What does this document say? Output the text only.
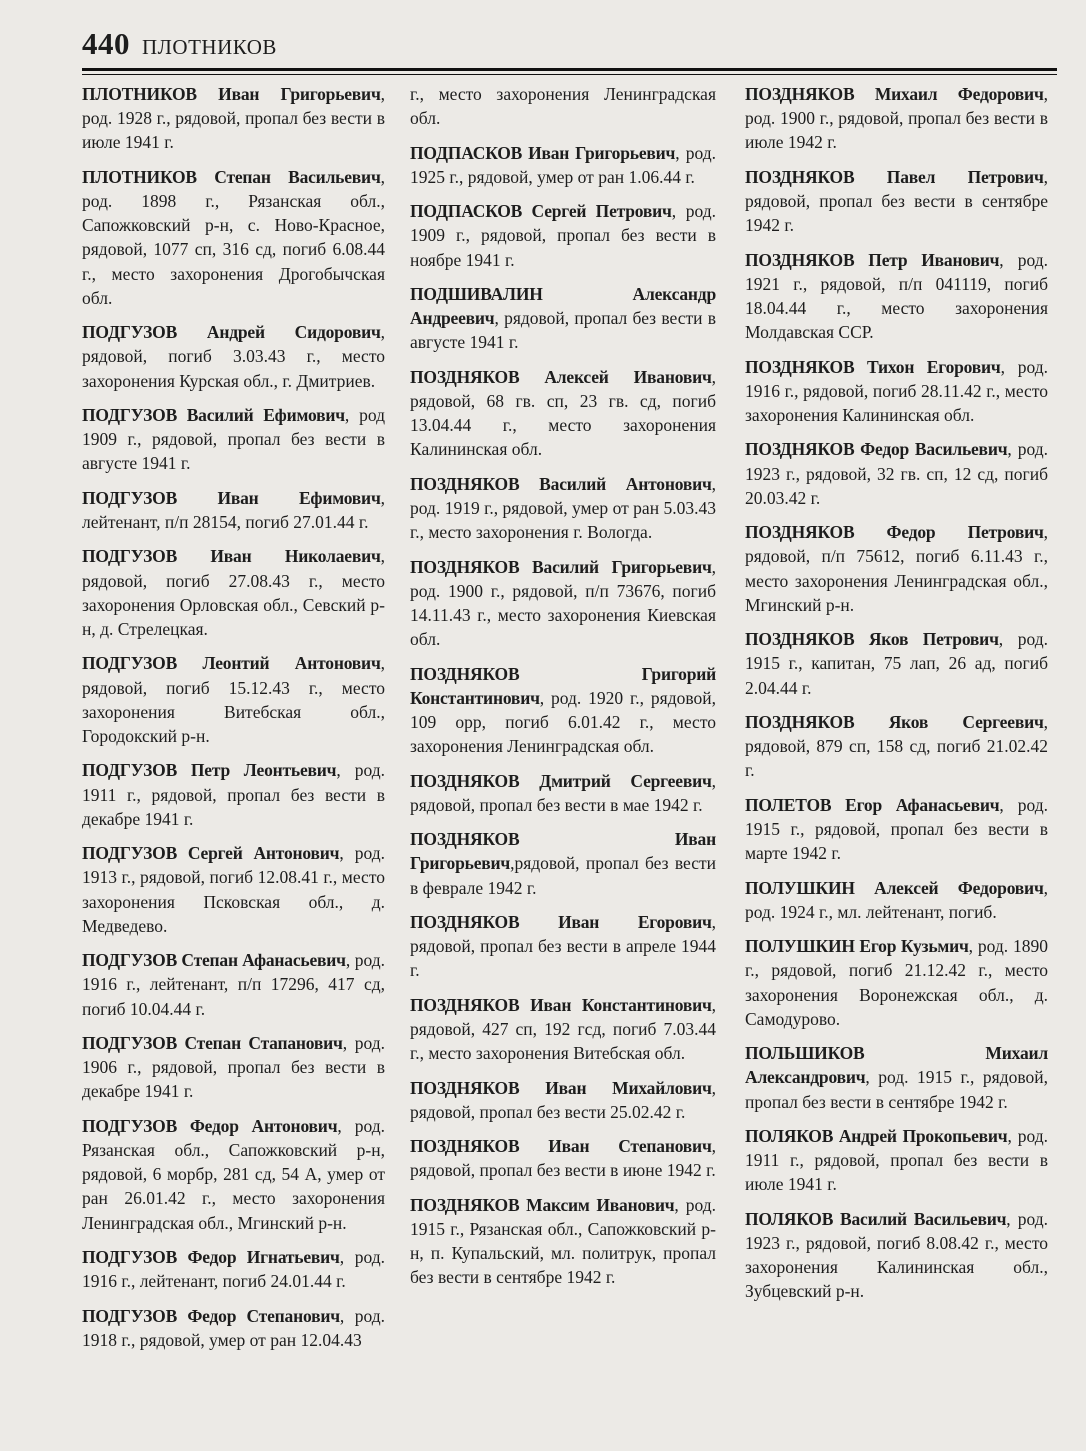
440 ПЛОТНИКОВ

ПЛОТНИКОВ Иван Григорьевич, род. 1928 г., рядовой, пропал без вести в июле 1941 г.

ПЛОТНИКОВ Степан Васильевич, род. 1898 г., Рязанская обл., Сапожковский р-н, с. Ново-Красное, рядовой, 1077 сп, 316 сд, погиб 6.08.44 г., место захоронения Дрогобычская обл.

ПОДГУЗОВ Андрей Сидорович, рядовой, погиб 3.03.43 г., место захоронения Курская обл., г. Дмитриев.

ПОДГУЗОВ Василий Ефимович, род 1909 г., рядовой, пропал без вести в августе 1941 г.

ПОДГУЗОВ Иван Ефимович, лейтенант, п/п 28154, погиб 27.01.44 г.

ПОДГУЗОВ Иван Николаевич, рядовой, погиб 27.08.43 г., место захоронения Орловская обл., Севский р-н, д. Стрелецкая.

ПОДГУЗОВ Леонтий Антонович, рядовой, погиб 15.12.43 г., место захоронения Витебская обл., Городокский р-н.

ПОДГУЗОВ Петр Леонтьевич, род. 1911 г., рядовой, пропал без вести в декабре 1941 г.

ПОДГУЗОВ Сергей Антонович, род. 1913 г., рядовой, погиб 12.08.41 г., место захоронения Псковская обл., д. Медведево.

ПОДГУЗОВ Степан Афанасьевич, род. 1916 г., лейтенант, п/п 17296, 417 сд, погиб 10.04.44 г.

ПОДГУЗОВ Степан Стапанович, род. 1906 г., рядовой, пропал без вести в декабре 1941 г.

ПОДГУЗОВ Федор Антонович, род. Рязанская обл., Сапожковский р-н, рядовой, 6 морбр, 281 сд, 54 А, умер от ран 26.01.42 г., место захоронения Ленинградская обл., Мгинский р-н.

ПОДГУЗОВ Федор Игнатьевич, род. 1916 г., лейтенант, погиб 24.01.44 г.

ПОДГУЗОВ Федор Степанович, род. 1918 г., рядовой, умер от ран 12.04.43

г., место захоронения Ленинградская обл.

ПОДПАСКОВ Иван Григорьевич, род. 1925 г., рядовой, умер от ран 1.06.44 г.

ПОДПАСКОВ Сергей Петрович, род. 1909 г., рядовой, пропал без вести в ноябре 1941 г.

ПОДШИВАЛИН Александр Андреевич, рядовой, пропал без вести в августе 1941 г.

ПОЗДНЯКОВ Алексей Иванович, рядовой, 68 гв. сп, 23 гв. сд, погиб 13.04.44 г., место захоронения Калининская обл.

ПОЗДНЯКОВ Василий Антонович, род. 1919 г., рядовой, умер от ран 5.03.43 г., место захоронения г. Вологда.

ПОЗДНЯКОВ Василий Григорьевич, род. 1900 г., рядовой, п/п 73676, погиб 14.11.43 г., место захоронения Киевская обл.

ПОЗДНЯКОВ Григорий Константинович, род. 1920 г., рядовой, 109 орр, погиб 6.01.42 г., место захоронения Ленинградская обл.

ПОЗДНЯКОВ Дмитрий Сергеевич, рядовой, пропал без вести в мае 1942 г.

ПОЗДНЯКОВ Иван Григорьевич,рядовой, пропал без вести в феврале 1942 г.

ПОЗДНЯКОВ Иван Егорович, рядовой, пропал без вести в апреле 1944 г.

ПОЗДНЯКОВ Иван Константинович, рядовой, 427 сп, 192 гсд, погиб 7.03.44 г., место захоронения Витебская обл.

ПОЗДНЯКОВ Иван Михайлович, рядовой, пропал без вести 25.02.42 г.

ПОЗДНЯКОВ Иван Степанович, рядовой, пропал без вести в июне 1942 г.

ПОЗДНЯКОВ Максим Иванович, род. 1915 г., Рязанская обл., Сапожковский р-н, п. Купальский, мл. политрук, пропал без вести в сентябре 1942 г.

ПОЗДНЯКОВ Михаил Федорович, род. 1900 г., рядовой, пропал без вести в июле 1942 г.

ПОЗДНЯКОВ Павел Петрович, рядовой, пропал без вести в сентябре 1942 г.

ПОЗДНЯКОВ Петр Иванович, род. 1921 г., рядовой, п/п 041119, погиб 18.04.44 г., место захоронения Молдавская ССР.

ПОЗДНЯКОВ Тихон Егорович, род. 1916 г., рядовой, погиб 28.11.42 г., место захоронения Калининская обл.

ПОЗДНЯКОВ Федор Васильевич, род. 1923 г., рядовой, 32 гв. сп, 12 сд, погиб 20.03.42 г.

ПОЗДНЯКОВ Федор Петрович, рядовой, п/п 75612, погиб 6.11.43 г., место захоронения Ленинградская обл., Мгинский р-н.

ПОЗДНЯКОВ Яков Петрович, род. 1915 г., капитан, 75 лап, 26 ад, погиб 2.04.44 г.

ПОЗДНЯКОВ Яков Сергеевич, рядовой, 879 сп, 158 сд, погиб 21.02.42 г.

ПОЛЕТОВ Егор Афанасьевич, род. 1915 г., рядовой, пропал без вести в марте 1942 г.

ПОЛУШКИН Алексей Федорович, род. 1924 г., мл. лейтенант, погиб.

ПОЛУШКИН Егор Кузьмич, род. 1890 г., рядовой, погиб 21.12.42 г., место захоронения Воронежская обл., д. Самодурово.

ПОЛЬШИКОВ Михаил Александрович, род. 1915 г., рядовой, пропал без вести в сентябре 1942 г.

ПОЛЯКОВ Андрей Прокопьевич, род. 1911 г., рядовой, пропал без вести в июле 1941 г.

ПОЛЯКОВ Василий Васильевич, род. 1923 г., рядовой, погиб 8.08.42 г., место захоронения Калининская обл., Зубцевский р-н.
